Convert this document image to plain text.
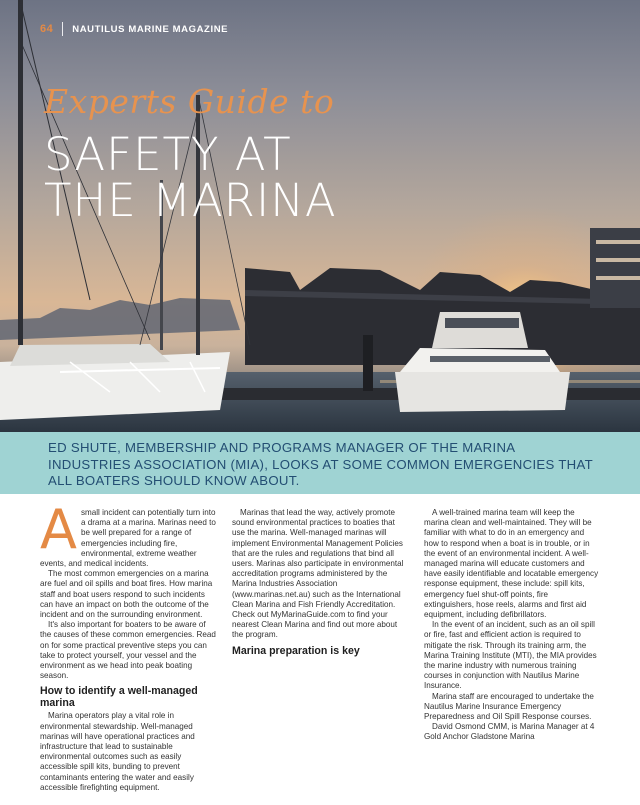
64 NAUTILUS MARINE MAGAZINE
Experts Guide to
SAFETY AT
THE MARINA

ED SHUTE, MEMBERSHIP AND PROGRAMS MANAGER OF THE MARINA INDUSTRIES ASSOCIATION (MIA), LOOKS AT SOME COMMON EMERGENCIES THAT ALL BOATERS SHOULD KNOW ABOUT.

Asmall incident can potentially turn into a drama at a marina. Marinas need to be well prepared for a range of emergencies including fire, environmental, extreme weather events, and medical incidents.

The most common emergencies on a marina are fuel and oil spills and boat fires. How marina staff and boat users respond to such incidents can have an impact on both the outcome of the incident and on the surrounding environment.

It's also important for boaters to be aware of the causes of these common emergencies. Read on for some practical preventive steps you can take to protect yourself, your vessel and the environment as we head into peak boating season.

How to identify a well-managed marina

Marina operators play a vital role in environmental stewardship. Well-managed marinas will have operational practices and infrastructure that lead to sustainable environmental outcomes such as easily accessible spill kits, bunding to prevent contaminants entering the water and easily accessible firefighting equipment.

Marinas that lead the way, actively promote sound environmental practices to boaties that use the marina. Well-managed marinas will implement Environmental Management Policies that are the rules and regulations that bind all users. Marinas also participate in environmental accreditation programs administered by the Marina Industries Association (www.marinas.net.au) such as the International Clean Marina and Fish Friendly Accreditation. Check out MyMarinaGuide.com to find your nearest Clean Marina and find out more about the program.

Marina preparation is key

A well-trained marina team will keep the marina clean and well-maintained. They will be familiar with what to do in an emergency and how to respond when a boat is in trouble, or in the event of an environmental incident. A well-managed marina will educate customers and have easily identifiable and locatable emergency response equipment, these include: spill kits, emergency fuel shut-off points, fire extinguishers, hose reels, alarms and first aid equipment, including defibrillators.

In the event of an incident, such as an oil spill or fire, fast and efficient action is required to mitigate the risk. Through its training arm, the Marina Training Institute (MTI), the MIA provides the marine industry with numerous training courses in conjunction with Nautilus Marine Insurance.

Marina staff are encouraged to undertake the Nautilus Marine Insurance Emergency Preparedness and Oil Spill Response courses.

David Osmond CMM, is Marina Manager at 4 Gold Anchor Gladstone Marina
